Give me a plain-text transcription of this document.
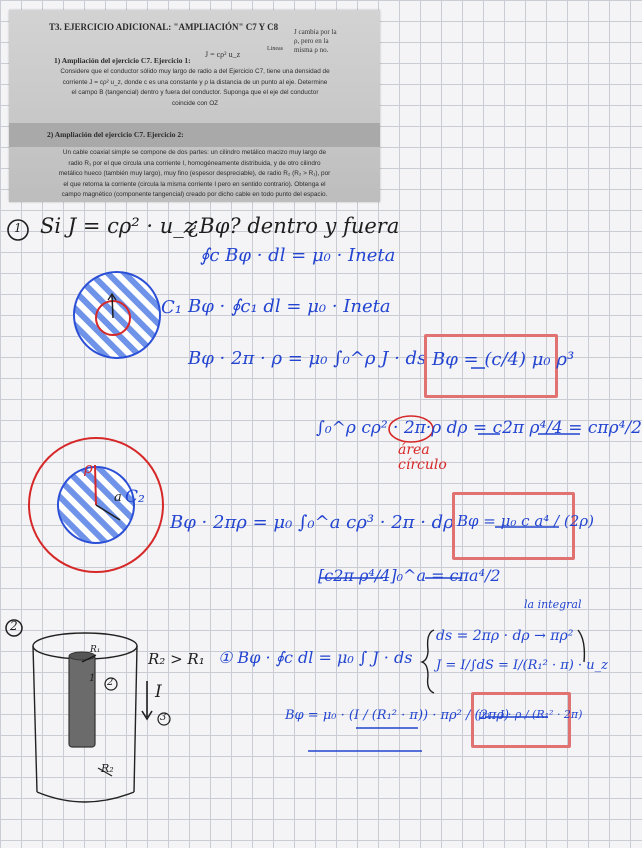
T3. EJERCICIO ADICIONAL: "AMPLIACIÓN" C7 Y C8
1) Ampliación del ejercicio C7. Ejercicio 1:
J = cρ² u_z
Lineas

Considere que el conductor sólido muy largo de radio a del Ejercicio C7, tiene una densidad de

corriente J = cρ² u_z, donde c es una constante y ρ la distancia de un punto al eje. Determine

el campo B (tangencial) dentro y fuera del conductor. Suponga que el eje del conductor

coincide con OZ

2) Ampliación del ejercicio C7. Ejercicio 2:

Un cable coaxial simple se compone de dos partes: un cilindro metálico macizo muy largo de

radio R₁ por el que circula una corriente I, homogéneamente distribuida, y de otro cilindro

metálico hueco (también muy largo), muy fino (espesor despreciable), de radio R₂ (R₂ > R₁), por

el que retorna la corriente (circula la misma corriente I pero en sentido contrario). Obtenga el

campo magnético (componente tangencial) creado por dicho cable en todo punto del espacio.

J cambia por la
ρ, pero en la
misma ρ no.
1 Si J = cρ² · u_z
¿Bφ? dentro y fuera
∮c Bφ · dl = μ₀ · Ineta
C₁ Bφ · ∮c₁ dl = μ₀ · Ineta
Bφ · 2π · ρ = μ₀ ∫₀^ρ J · ds Bφ = (c/4) μ₀ ρ³
∫₀^ρ cρ² · 2π·ρ dρ = c2π ρ⁴/4 = cπρ⁴/2
área
círculo
C₂
ρ
a
Bφ · 2πρ = μ₀ ∫₀^a cρ³ · 2π · dρ Bφ = μ₀ c a⁴ / (2ρ)
[c2π ρ⁴/4]₀^a = cπa⁴/2
2
R₂ > R₁
I
1 2
3
R₁
R₂
la integral
① Bφ · ∮c dl = μ₀ ∫ J · ds
ds = 2πρ · dρ → πρ²
J = I/∫dS = I/(R₁² · π) · u_z
Bφ = μ₀ · (I / (R₁² · π)) · πρ² / (2πρ)
μ₀ · I · ρ / (R₁² · 2π)
